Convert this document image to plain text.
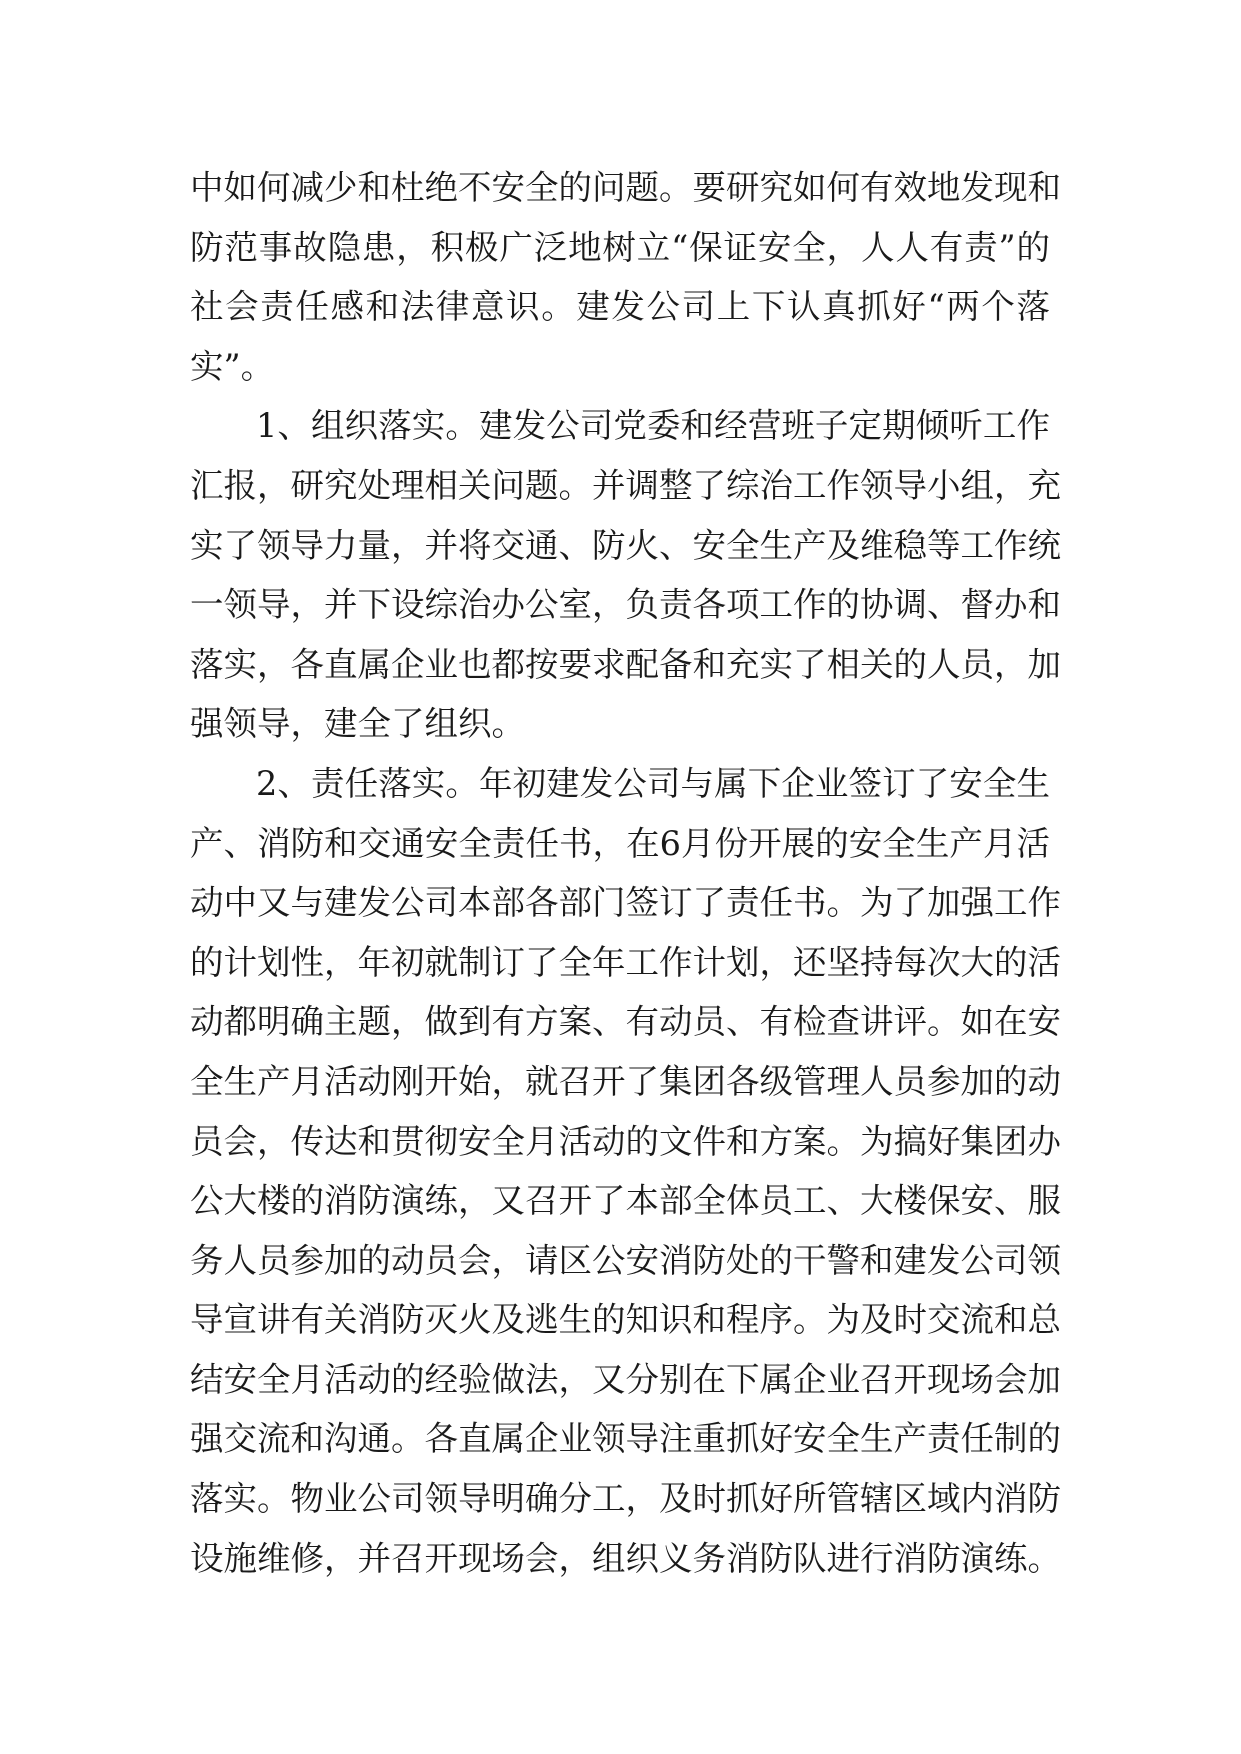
中如何减少和杜绝不安全的问题。要研究如何有效地发现和
防范事故隐患，积极广泛地树立“保证安全，人人有责”的
社会责任感和法律意识。建发公司上下认真抓好“两个落
实”。
1、组织落实。建发公司党委和经营班子定期倾听工作
汇报，研究处理相关问题。并调整了综治工作领导小组，充
实了领导力量，并将交通、防火、安全生产及维稳等工作统
一领导，并下设综治办公室，负责各项工作的协调、督办和
落实，各直属企业也都按要求配备和充实了相关的人员，加
强领导，建全了组织。
2、责任落实。年初建发公司与属下企业签订了安全生
产、消防和交通安全责任书，在6月份开展的安全生产月活
动中又与建发公司本部各部门签订了责任书。为了加强工作
的计划性，年初就制订了全年工作计划，还坚持每次大的活
动都明确主题，做到有方案、有动员、有检查讲评。如在安
全生产月活动刚开始，就召开了集团各级管理人员参加的动
员会，传达和贯彻安全月活动的文件和方案。为搞好集团办
公大楼的消防演练，又召开了本部全体员工、大楼保安、服
务人员参加的动员会，请区公安消防处的干警和建发公司领
导宣讲有关消防灭火及逃生的知识和程序。为及时交流和总
结安全月活动的经验做法，又分别在下属企业召开现场会加
强交流和沟通。各直属企业领导注重抓好安全生产责任制的
落实。物业公司领导明确分工，及时抓好所管辖区域内消防
设施维修，并召开现场会，组织义务消防队进行消防演练。
